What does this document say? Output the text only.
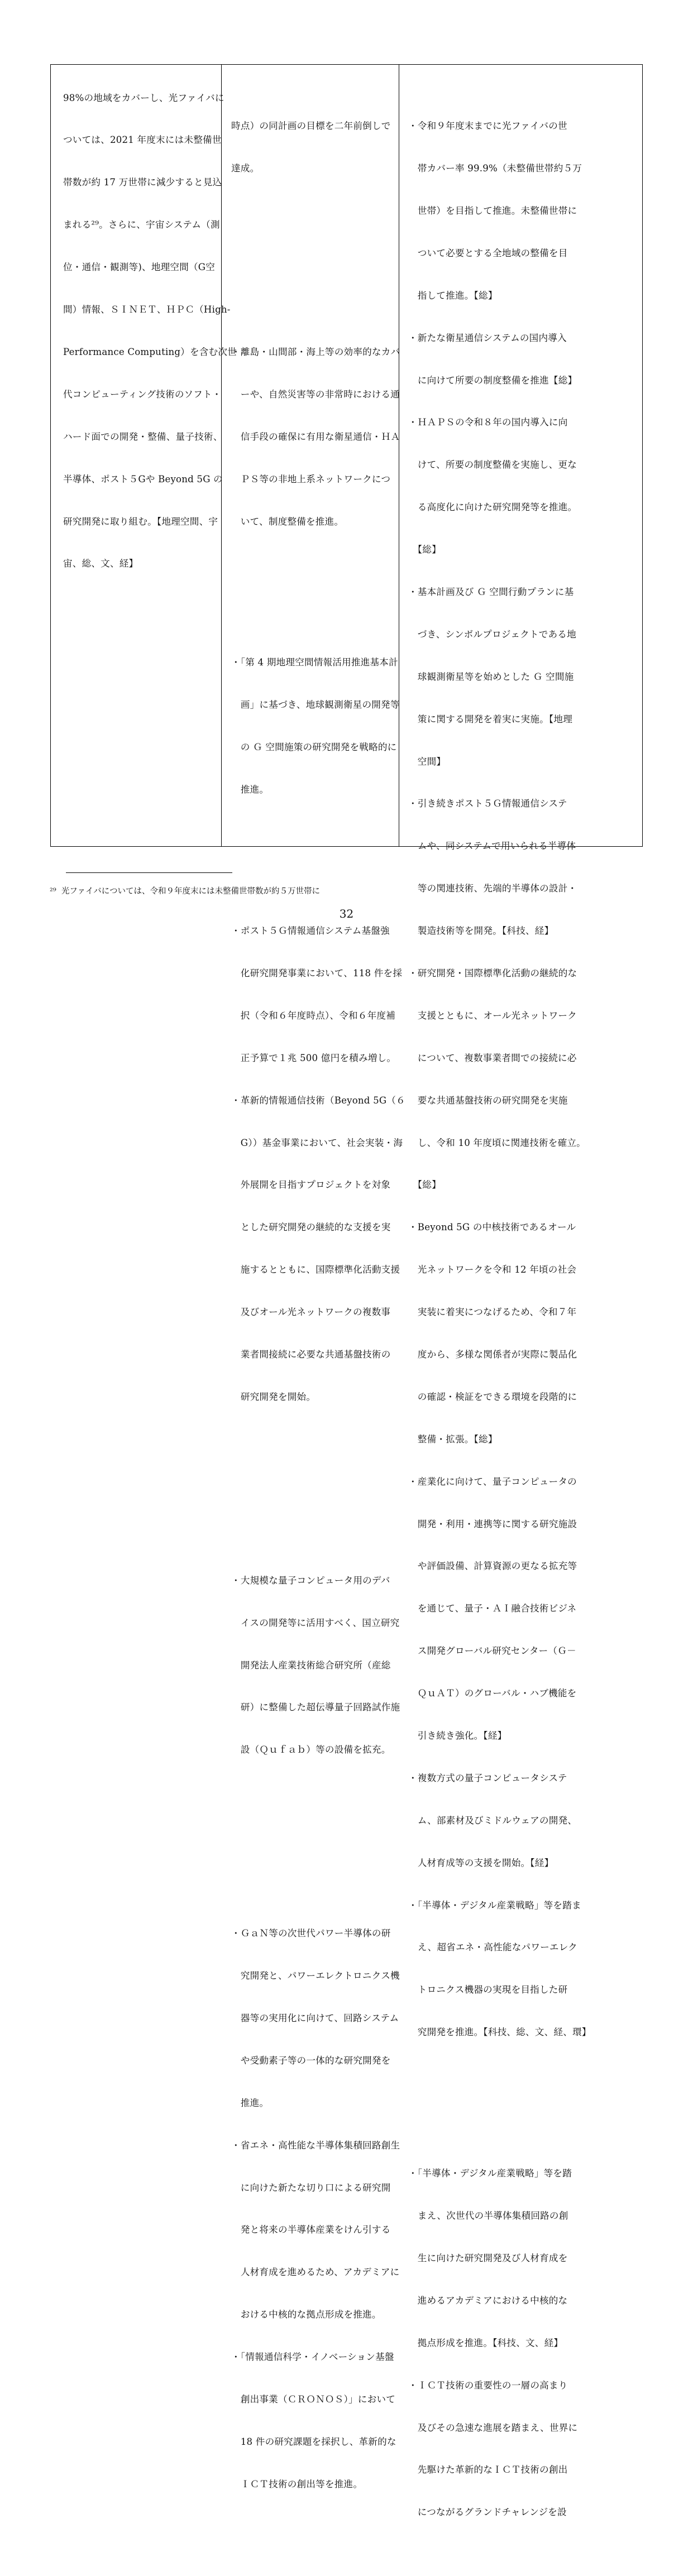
98%の地域をカバーし、光ファイバに

ついては、2021 年度末には未整備世

帯数が約 17 万世帯に減少すると見込

まれる²⁹。さらに、宇宙システム（測

位・通信・観測等)、地理空間（G空

間）情報、ＳＩＮＥＴ、ＨＰＣ（High-

Performance Computing）を含む次世

代コンピューティング技術のソフト・

ハード面での開発・整備、量子技術、

半導体、ポスト５Gや Beyond 5G の

研究開発に取り組む。【地理空間、宇

宙、総、文、経】

時点）の同計画の目標を二年前倒しで

達成。

・離島・山間部・海上等の効率的なカバ

　ーや、自然災害等の非常時における通

　信手段の確保に有用な衛星通信・ＨＡ

　ＰＳ等の非地上系ネットワークにつ

　いて、制度整備を推進。

・「第 4 期地理空間情報活用推進基本計

　画」に基づき、地球観測衛星の開発等

　の Ｇ 空間施策の研究開発を戦略的に

　推進。

・ポスト５Ｇ情報通信システム基盤強

　化研究開発事業において、118 件を採

　択（令和６年度時点）、令和６年度補

　正予算で１兆 500 億円を積み増し。

・革新的情報通信技術（Beyond 5G（６

　G））基金事業において、社会実装・海

　外展開を目指すプロジェクトを対象

　とした研究開発の継続的な支援を実

　施するとともに、国際標準化活動支援

　及びオール光ネットワークの複数事

　業者間接続に必要な共通基盤技術の

　研究開発を開始。

・大規模な量子コンピュータ用のデバ

　イスの開発等に活用すべく、国立研究

　開発法人産業技術総合研究所（産総

　研）に整備した超伝導量子回路試作施

　設（Ｑｕｆａｂ）等の設備を拡充。

・ＧａＮ等の次世代パワー半導体の研

　究開発と、パワーエレクトロニクス機

　器等の実用化に向けて、回路システム

　や受動素子等の一体的な研究開発を

　推進。

・省エネ・高性能な半導体集積回路創生

　に向けた新たな切り口による研究開

　発と将来の半導体産業をけん引する

　人材育成を進めるため、アカデミアに

　おける中核的な拠点形成を推進。

・「情報通信科学・イノベーション基盤

　創出事業（ＣＲＯＮＯＳ）」において

　18 件の研究課題を採択し、革新的な

　ＩＣＴ技術の創出等を推進。

・令和９年度末までに光ファイバの世

　帯カバー率 99.9%（未整備世帯約５万

　世帯）を目指して推進。未整備世帯に

　ついて必要とする全地域の整備を目

　指して推進。【総】

・新たな衛星通信システムの国内導入

　に向けて所要の制度整備を推進【総】

・ＨＡＰＳの令和８年の国内導入に向

　けて、所要の制度整備を実施し、更な

　る高度化に向けた研究開発等を推進。

　【総】

・基本計画及び Ｇ 空間行動プランに基

　づき、シンボルプロジェクトである地

　球観測衛星等を始めとした Ｇ 空間施

　策に関する開発を着実に実施。【地理

　空間】

・引き続きポスト５Ｇ情報通信システ

　ムや、同システムで用いられる半導体

　等の関連技術、先端的半導体の設計・

　製造技術等を開発。【科技、経】

・研究開発・国際標準化活動の継続的な

　支援とともに、オール光ネットワーク

　について、複数事業者間での接続に必

　要な共通基盤技術の研究開発を実施

　し、令和 10 年度頃に関連技術を確立。

　【総】

・Beyond 5G の中核技術であるオール

　光ネットワークを令和 12 年頃の社会

　実装に着実につなげるため、令和７年

　度から、多様な関係者が実際に製品化

　の確認・検証をできる環境を段階的に

　整備・拡張。【総】

・産業化に向けて、量子コンピュータの

　開発・利用・連携等に関する研究施設

　や評価設備、計算資源の更なる拡充等

　を通じて、量子・ＡＩ融合技術ビジネ

　ス開発グローバル研究センター（Ｇ－

　ＱｕＡＴ）のグローバル・ハブ機能を

　引き続き強化。【経】

・複数方式の量子コンピュータシステ

　ム、部素材及びミドルウェアの開発、

　人材育成等の支援を開始。【経】

・「半導体・デジタル産業戦略」等を踏ま

　え、超省エネ・高性能なパワーエレク

　トロニクス機器の実現を目指した研

　究開発を推進。【科技、総、文、経、環】

・「半導体・デジタル産業戦略」等を踏

　まえ、次世代の半導体集積回路の創

　生に向けた研究開発及び人材育成を

　進めるアカデミアにおける中核的な

　拠点形成を推進。【科技、文、経】

・ＩＣＴ技術の重要性の一層の高まり

　及びその急速な進展を踏まえ、世界に

　先駆けた革新的なＩＣＴ技術の創出

　につながるグランドチャレンジを設

²⁹  光ファイバについては、令和９年度末には未整備世帯数が約５万世帯に
32
